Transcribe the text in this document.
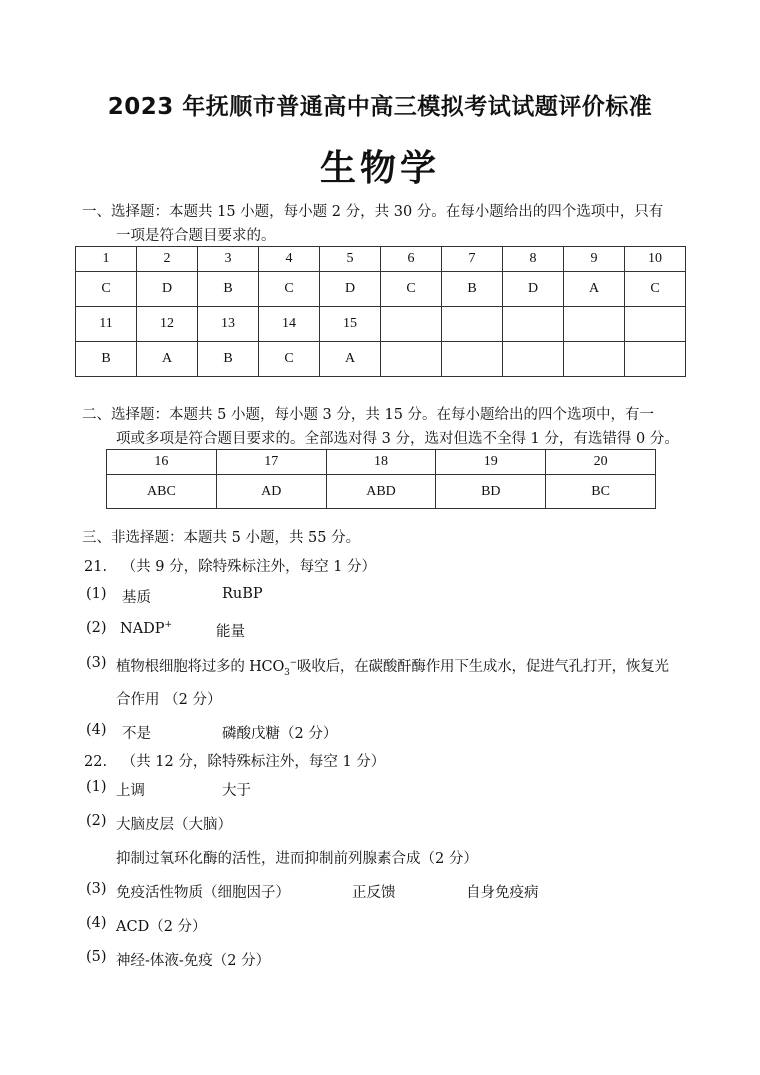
2023 年抚顺市普通高中高三模拟考试试题评价标准
生物学
一、选择题：本题共 15 小题，每小题 2 分，共 30 分。在每小题给出的四个选项中，只有
一项是符合题目要求的。
1	2	3	4	5	6	7	8	9	10
C	D	B	C	D	C	B	D	A	C
11	12	13	14	15					
B	A	B	C	A					
二、选择题：本题共 5 小题，每小题 3 分，共 15 分。在每小题给出的四个选项中，有一
项或多项是符合题目要求的。全部选对得 3 分，选对但选不全得 1 分，有选错得 0 分。
16	17	18	19	20
ABC	AD	ABD	BD	BC
三、非选择题：本题共 5 小题，共 55 分。
21. （共 9 分，除特殊标注外，每空 1 分）
(1)	基质	RuBP
(2) NADP+	能量
(3) 植物根细胞将过多的 $HCO_3^-$吸收后，在碳酸酐酶作用下生成水，促进气孔打开，恢复光
合作用 （2 分）
(4)	不是	磷酸戊糖（2 分）
22. （共 12 分，除特殊标注外，每空 1 分）
(1) 上调	大于
(2) 大脑皮层（大脑）
抑制过氧环化酶的活性，进而抑制前列腺素合成（2 分）
(3) 免疫活性物质（细胞因子）	正反馈	自身免疫病
(4) ACD（2 分）
(5) 神经-体液-免疫（2 分）
